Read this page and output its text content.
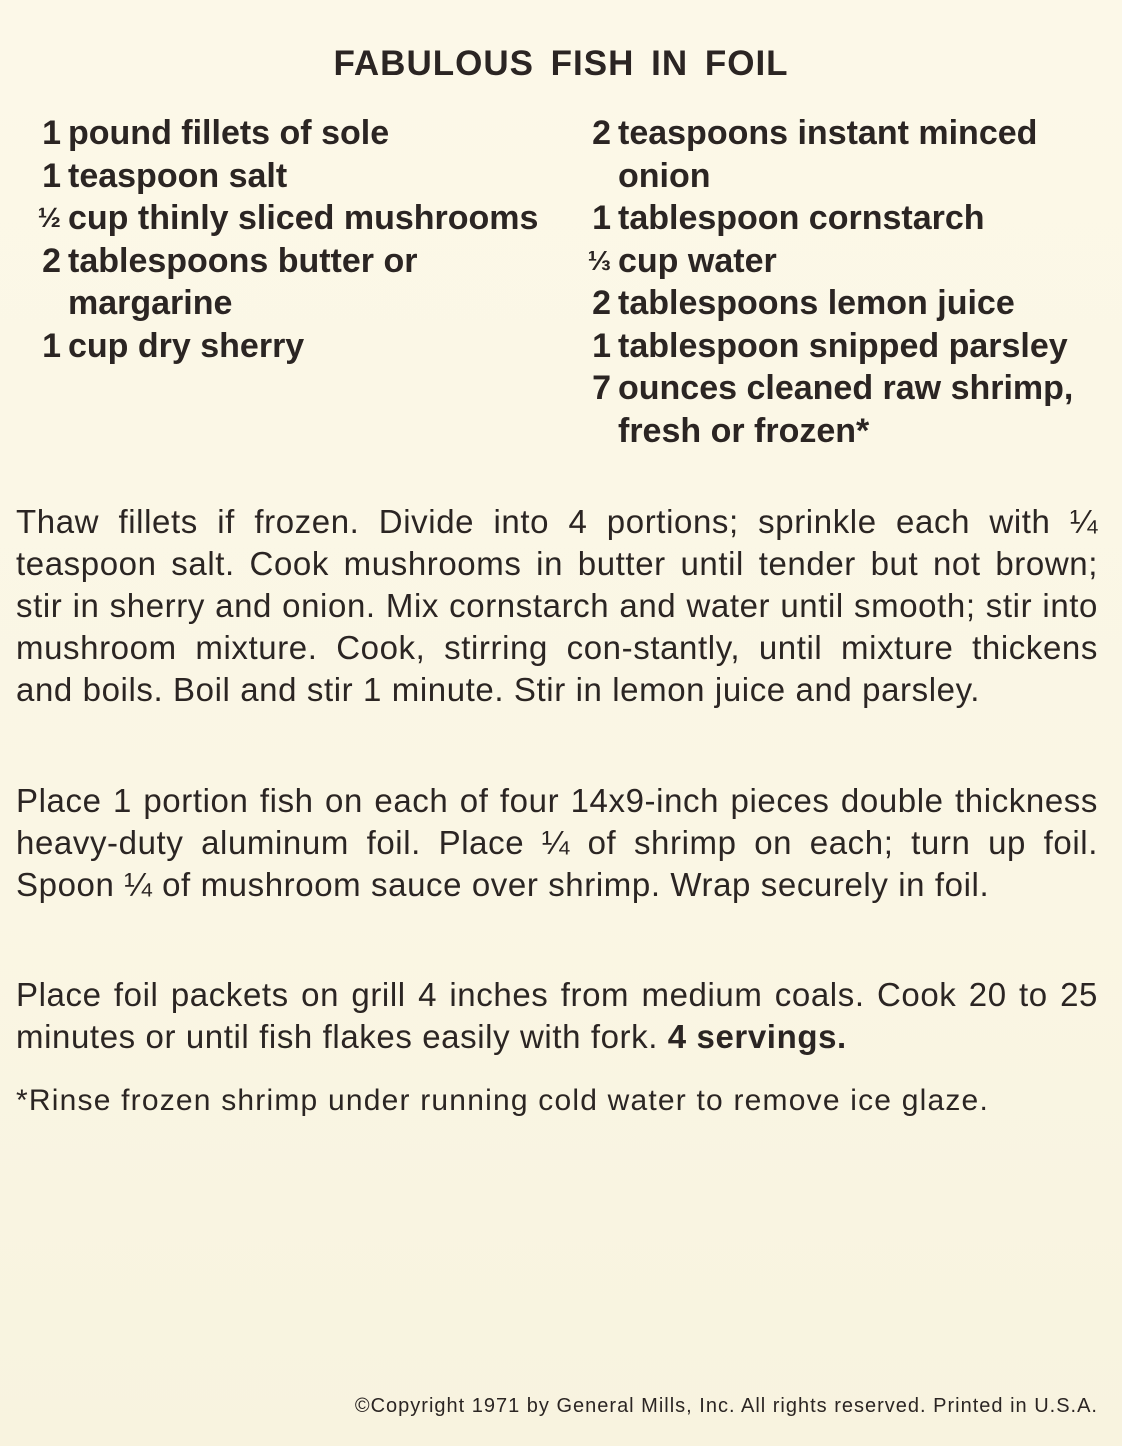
FABULOUS FISH IN FOIL
1 pound fillets of sole
1 teaspoon salt
½ cup thinly sliced mushrooms
2 tablespoons butter or margarine
1 cup dry sherry
2 teaspoons instant minced onion
1 tablespoon cornstarch
⅓ cup water
2 tablespoons lemon juice
1 tablespoon snipped parsley
7 ounces cleaned raw shrimp, fresh or frozen*

Thaw fillets if frozen. Divide into 4 portions; sprinkle each with ¼ teaspoon salt. Cook mushrooms in butter until tender but not brown; stir in sherry and onion. Mix cornstarch and water until smooth; stir into mushroom mixture. Cook, stirring con-stantly, until mixture thickens and boils. Boil and stir 1 minute. Stir in lemon juice and parsley.

Place 1 portion fish on each of four 14x9-inch pieces double thickness heavy-duty aluminum foil. Place ¼ of shrimp on each; turn up foil. Spoon ¼ of mushroom sauce over shrimp. Wrap securely in foil.

Place foil packets on grill 4 inches from medium coals. Cook 20 to 25 minutes or until fish flakes easily with fork. 4 servings.

*Rinse frozen shrimp under running cold water to remove ice glaze.

©Copyright 1971 by General Mills, Inc. All rights reserved. Printed in U.S.A.
